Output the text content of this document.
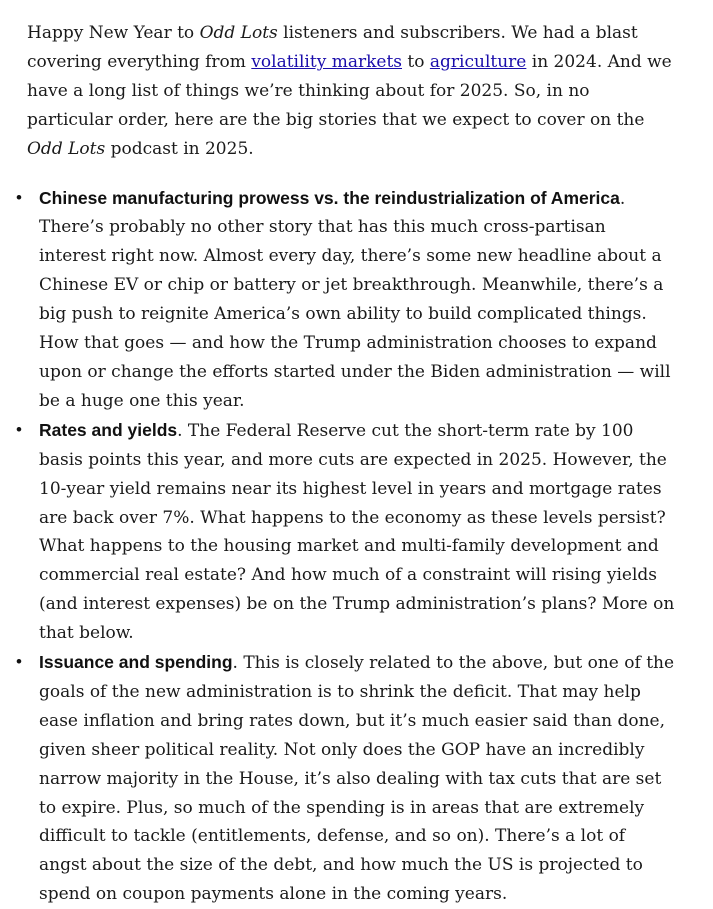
Happy New Year to Odd Lots listeners and subscribers. We had a blast covering everything from volatility markets to agriculture in 2024. And we have a long list of things we’re thinking about for 2025. So, in no particular order, here are the big stories that we expect to cover on the Odd Lots podcast in 2025.

• Chinese manufacturing prowess vs. the reindustrialization of America. There’s probably no other story that has this much cross-partisan interest right now. Almost every day, there’s some new headline about a Chinese EV or chip or battery or jet breakthrough. Meanwhile, there’s a big push to reignite America’s own ability to build complicated things. How that goes — and how the Trump administration chooses to expand upon or change the efforts started under the Biden administration — will be a huge one this year.
• Rates and yields. The Federal Reserve cut the short-term rate by 100 basis points this year, and more cuts are expected in 2025. However, the 10-year yield remains near its highest level in years and mortgage rates are back over 7%. What happens to the economy as these levels persist? What happens to the housing market and multi-family development and commercial real estate? And how much of a constraint will rising yields (and interest expenses) be on the Trump administration’s plans? More on that below.
• Issuance and spending. This is closely related to the above, but one of the goals of the new administration is to shrink the deficit. That may help ease inflation and bring rates down, but it’s much easier said than done, given sheer political reality. Not only does the GOP have an incredibly narrow majority in the House, it’s also dealing with tax cuts that are set to expire. Plus, so much of the spending is in areas that are extremely difficult to tackle (entitlements, defense, and so on). There’s a lot of angst about the size of the debt, and how much the US is projected to spend on coupon payments alone in the coming years.
